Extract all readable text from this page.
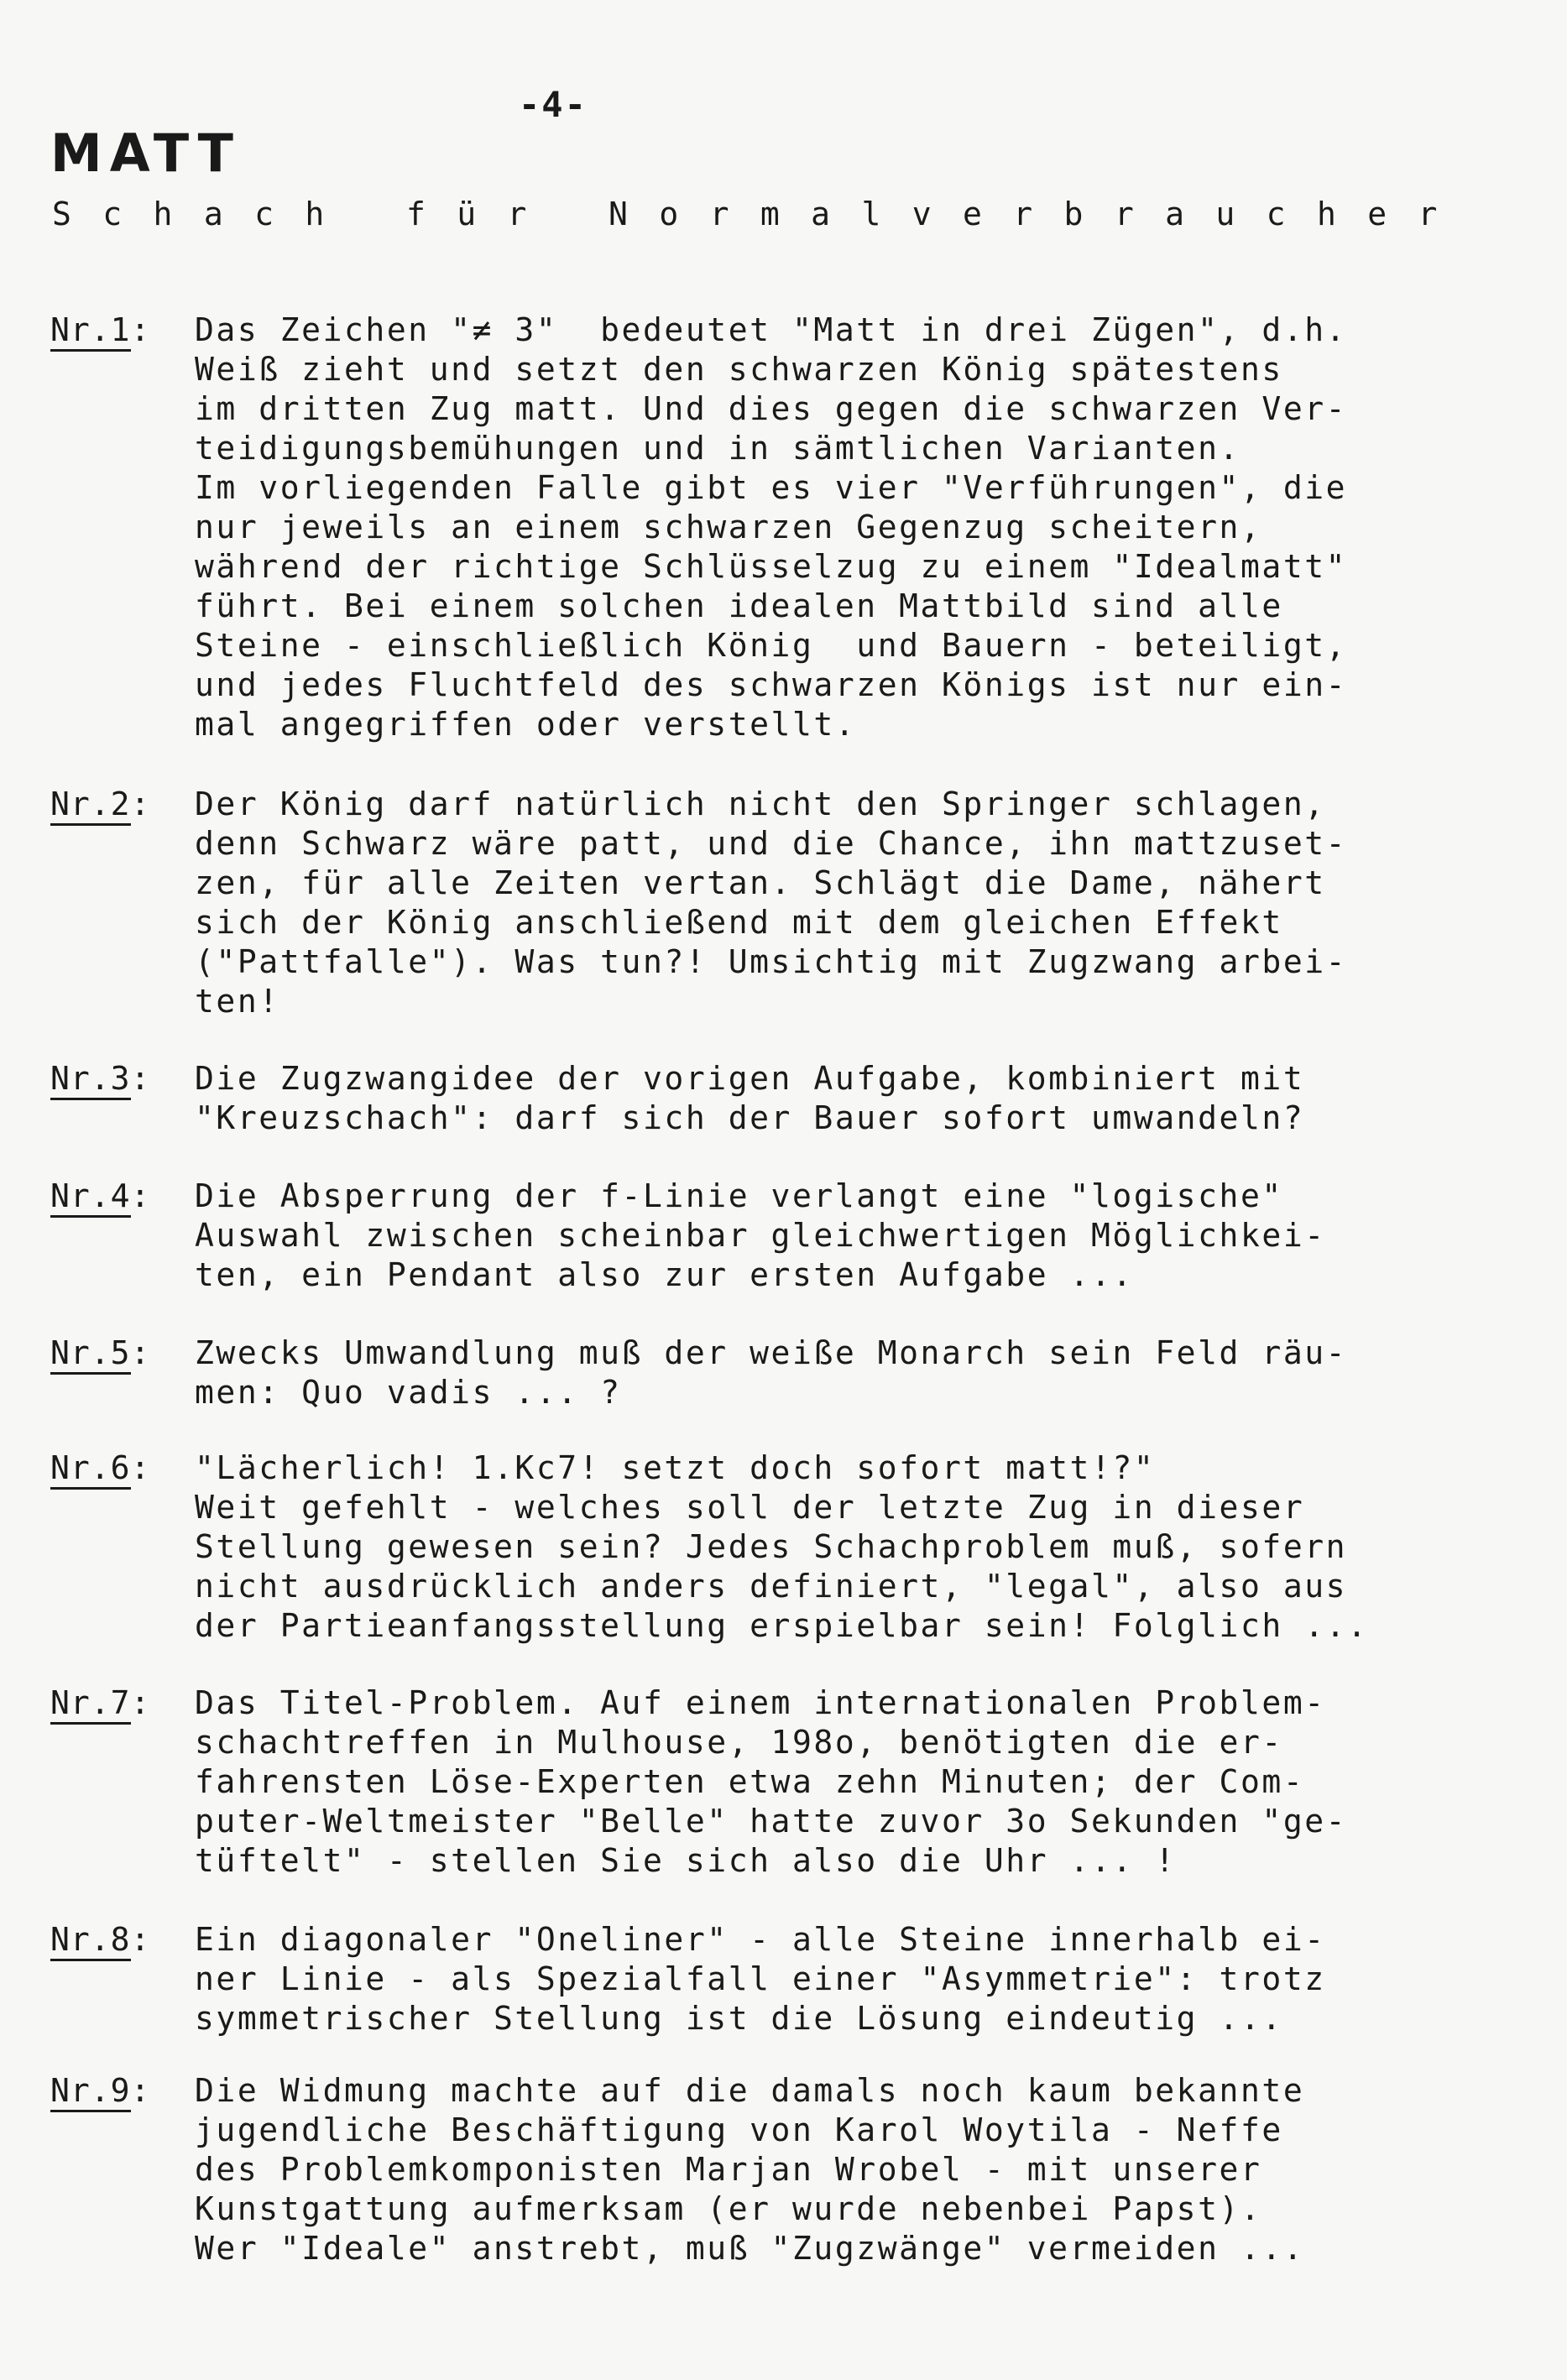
-4-
MATT
Schach für Normalverbraucher
Nr.1:	Das Zeichen "≠ 3"  bedeutet "Matt in drei Zügen", d.h.
Weiß zieht und setzt den schwarzen König spätestens
im dritten Zug matt. Und dies gegen die schwarzen Ver-
teidigungsbemühungen und in sämtlichen Varianten.
Im vorliegenden Falle gibt es vier "Verführungen", die
nur jeweils an einem schwarzen Gegenzug scheitern,
während der richtige Schlüsselzug zu einem "Idealmatt"
führt. Bei einem solchen idealen Mattbild sind alle
Steine - einschließlich König  und Bauern - beteiligt,
und jedes Fluchtfeld des schwarzen Königs ist nur ein-
mal angegriffen oder verstellt.
Nr.2:	Der König darf natürlich nicht den Springer schlagen,
denn Schwarz wäre patt, und die Chance, ihn mattzuset-
zen, für alle Zeiten vertan. Schlägt die Dame, nähert
sich der König anschließend mit dem gleichen Effekt
("Pattfalle"). Was tun?! Umsichtig mit Zugzwang arbei-
ten!
Nr.3:	Die Zugzwangidee der vorigen Aufgabe, kombiniert mit
"Kreuzschach": darf sich der Bauer sofort umwandeln?
Nr.4:	Die Absperrung der f-Linie verlangt eine "logische"
Auswahl zwischen scheinbar gleichwertigen Möglichkei-
ten, ein Pendant also zur ersten Aufgabe ...
Nr.5:	Zwecks Umwandlung muß der weiße Monarch sein Feld räu-
men: Quo vadis ... ?
Nr.6:	"Lächerlich! 1.Kc7! setzt doch sofort matt!?"
Weit gefehlt - welches soll der letzte Zug in dieser
Stellung gewesen sein? Jedes Schachproblem muß, sofern
nicht ausdrücklich anders definiert, "legal", also aus
der Partieanfangsstellung erspielbar sein! Folglich ...
Nr.7:	Das Titel-Problem. Auf einem internationalen Problem-
schachtreffen in Mulhouse, 198o, benötigten die er-
fahrensten Löse-Experten etwa zehn Minuten; der Com-
puter-Weltmeister "Belle" hatte zuvor 3o Sekunden "ge-
tüftelt" - stellen Sie sich also die Uhr ... !
Nr.8:	Ein diagonaler "Oneliner" - alle Steine innerhalb ei-
ner Linie - als Spezialfall einer "Asymmetrie": trotz
symmetrischer Stellung ist die Lösung eindeutig ...
Nr.9:	Die Widmung machte auf die damals noch kaum bekannte
jugendliche Beschäftigung von Karol Woytila - Neffe
des Problemkomponisten Marjan Wrobel - mit unserer
Kunstgattung aufmerksam (er wurde nebenbei Papst).
Wer "Ideale" anstrebt, muß "Zugzwänge" vermeiden ...
